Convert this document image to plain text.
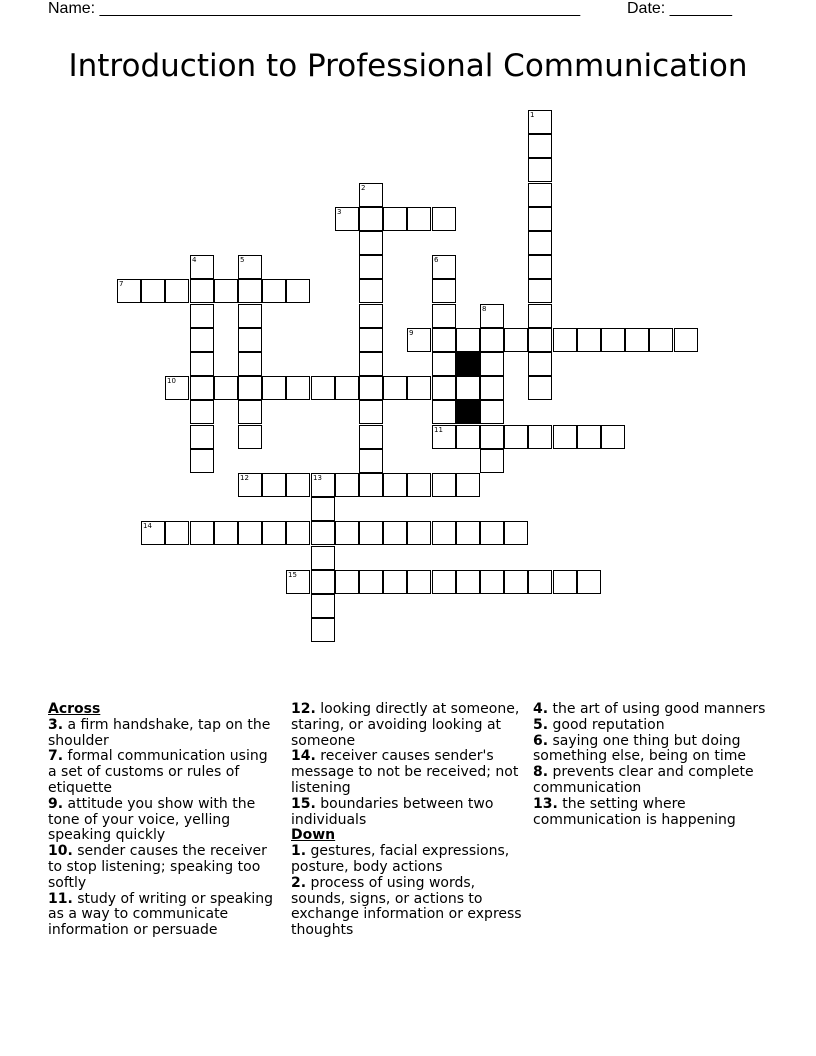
Name: ______________________________________________________	Date: _______
Introduction to Professional Communication
1
2
3
4	5	6
11
7
8
9
10
12	13
14
15
Across
3. a firm handshake, tap on the shoulder
7. formal communication using a set of customs or rules of etiquette
9. attitude you show with the tone of your voice, yelling speaking quickly
10. sender causes the receiver to stop listening; speaking too softly
11. study of writing or speaking as a way to communicate information or persuade
12. looking directly at someone, staring, or avoiding looking at someone
14. receiver causes sender's message to not be received; not listening
15. boundaries between two individuals
Down
1. gestures, facial expressions, posture, body actions
2. process of using words, sounds, signs, or actions to exchange information or express thoughts
4. the art of using good manners
5. good reputation
6. saying one thing but doing something else, being on time
8. prevents clear and complete communication
13. the setting where communication is happening
